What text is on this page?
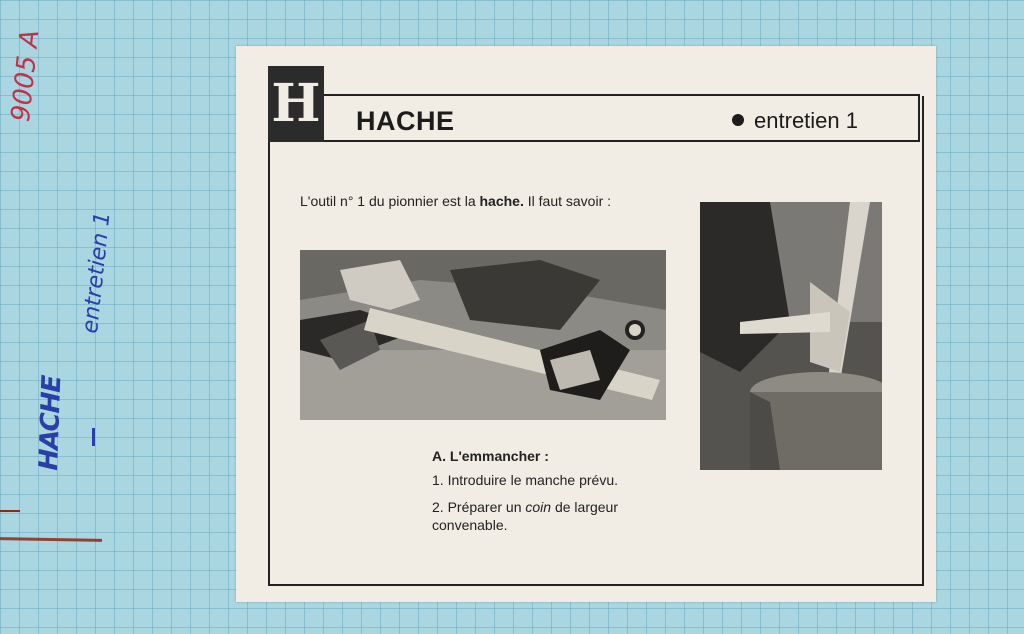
9005 A
entretien 1
HACHE
HACHE	entretien 1
H
L'outil n° 1 du pionnier est la hache. Il faut savoir :
A. L'emmancher :
1. Introduire le manche prévu.
2. Préparer un coin de largeur convenable.
